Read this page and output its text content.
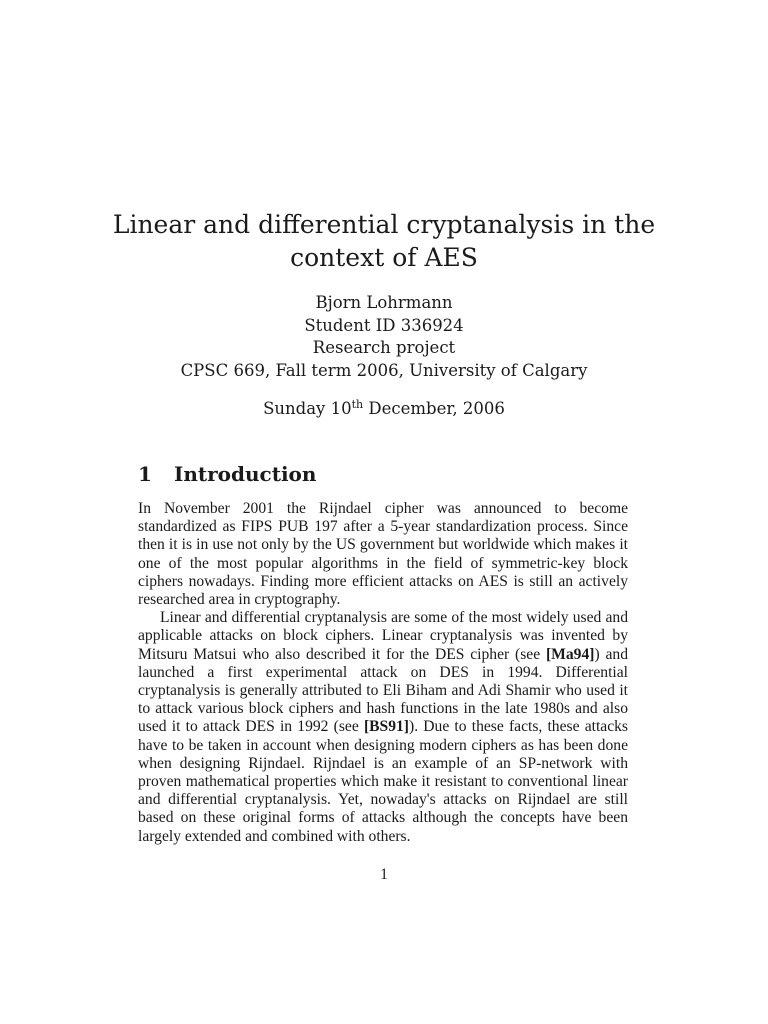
Linear and differential cryptanalysis in the
context of AES
Bjorn Lohrmann
Student ID 336924
Research project
CPSC 669, Fall term 2006, University of Calgary
Sunday 10th December, 2006
1 Introduction

In November 2001 the Rijndael cipher was announced to become standardized as FIPS PUB 197 after a 5-year standardization process. Since then it is in use not only by the US government but worldwide which makes it one of the most popular algorithms in the field of symmetric-key block ciphers nowadays. Finding more efficient attacks on AES is still an actively researched area in cryptography.

Linear and differential cryptanalysis are some of the most widely used and applicable attacks on block ciphers. Linear cryptanalysis was invented by Mitsuru Matsui who also described it for the DES cipher (see [Ma94]) and launched a first experimental attack on DES in 1994. Differential cryptanalysis is generally attributed to Eli Biham and Adi Shamir who used it to attack various block ciphers and hash functions in the late 1980s and also used it to attack DES in 1992 (see [BS91]). Due to these facts, these attacks have to be taken in account when designing modern ciphers as has been done when designing Rijndael. Rijndael is an example of an SP-network with proven mathematical properties which make it resistant to conventional linear and differential cryptanalysis. Yet, nowaday's attacks on Rijndael are still based on these original forms of attacks although the concepts have been largely extended and combined with others.

1
